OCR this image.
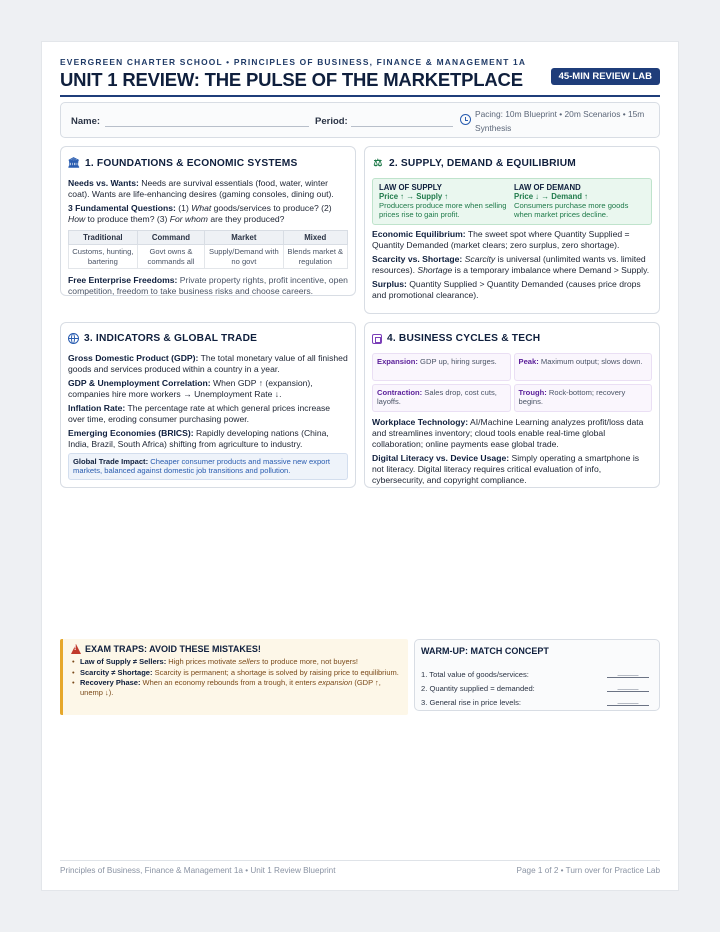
EVERGREEN CHARTER SCHOOL • PRINCIPLES OF BUSINESS, FINANCE & MANAGEMENT 1A
UNIT 1 REVIEW: THE PULSE OF THE MARKETPLACE	45-MIN REVIEW LAB
Name:	Period:
Pacing: 10m Blueprint • 20m Scenarios • 15m Synthesis
🏛 1. FOUNDATIONS & ECONOMIC SYSTEMS
Needs vs. Wants: Needs are survival essentials (food, water, winter coat). Wants are life-enhancing desires (gaming consoles, dining out).
3 Fundamental Questions: (1) What goods/services to produce? (2) How to produce them? (3) For whom are they produced?
Traditional	Command	Market	Mixed
Customs, hunting, bartering	Govt owns & commands all	Supply/Demand with no govt	Blends market & regulation
Free Enterprise Freedoms: Private property rights, profit incentive, open competition, freedom to take business risks and choose careers.
⚖ 2. SUPPLY, DEMAND & EQUILIBRIUM
LAW OF SUPPLY
Price ↑ → Supply ↑
Producers produce more when selling prices rise to gain profit.
LAW OF DEMAND
Price ↓ → Demand ↑
Consumers purchase more goods when market prices decline.
Economic Equilibrium: The sweet spot where Quantity Supplied = Quantity Demanded (market clears; zero surplus, zero shortage).
Scarcity vs. Shortage: Scarcity is universal (unlimited wants vs. limited resources). Shortage is a temporary imbalance where Demand > Supply.
Surplus: Quantity Supplied > Quantity Demanded (causes price drops and promotional clearance).
3. INDICATORS & GLOBAL TRADE
Gross Domestic Product (GDP): The total monetary value of all finished goods and services produced within a country in a year.
GDP & Unemployment Correlation: When GDP ↑ (expansion), companies hire more workers → Unemployment Rate ↓.
Inflation Rate: The percentage rate at which general prices increase over time, eroding consumer purchasing power.
Emerging Economies (BRICS): Rapidly developing nations (China, India, Brazil, South Africa) shifting from agriculture to industry.
Global Trade Impact: Cheaper consumer products and massive new export markets, balanced against domestic job transitions and pollution.
4. BUSINESS CYCLES & TECH
Expansion: GDP up, hiring surges.	Peak: Maximum output; slows down.
Contraction: Sales drop, cost cuts, layoffs.
Trough: Rock-bottom; recovery begins.
Workplace Technology: AI/Machine Learning analyzes profit/loss data and streamlines inventory; cloud tools enable real-time global collaboration; online payments ease global trade.
Digital Literacy vs. Device Usage: Simply operating a smartphone is not literacy. Digital literacy requires critical evaluation of info, cybersecurity, and copyright compliance.
!
EXAM TRAPS: AVOID THESE MISTAKES!
• Law of Supply ≠ Sellers: High prices motivate sellers to produce more, not buyers!
• Scarcity ≠ Shortage: Scarcity is permanent; a shortage is solved by raising price to equilibrium.
• Recovery Phase: When an economy rebounds from a trough, it enters expansion (GDP ↑, unemp ↓).
WARM-UP: MATCH CONCEPT
1. Total value of goods/services:	_____
2. Quantity supplied = demanded:	_____
3. General rise in price levels:	_____
Principles of Business, Finance & Management 1a • Unit 1 Review Blueprint	Page 1 of 2 • Turn over for Practice Lab
